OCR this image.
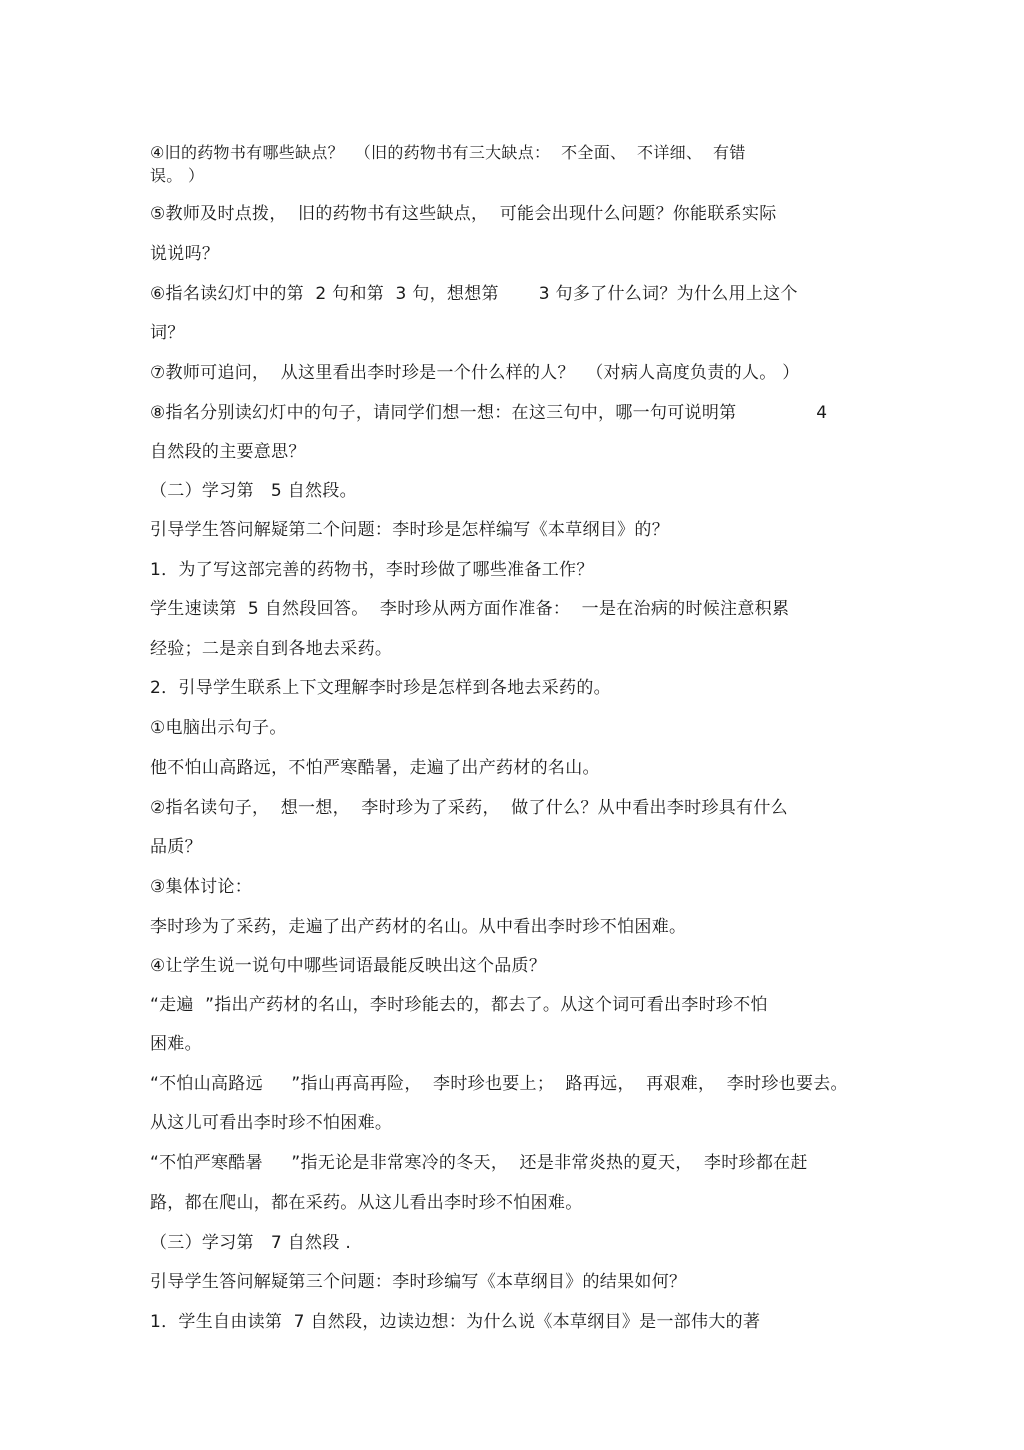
④旧的药物书有哪些缺点？  （旧的药物书有三大缺点：  不全面、  不详细、  有错
误。 ）
⑤教师及时点拨，  旧的药物书有这些缺点，  可能会出现什么问题？你能联系实际
说说吗？
⑥指名读幻灯中的第  2 句和第  3 句，想想第       3 句多了什么词？为什么用上这个
词？
⑦教师可追问，  从这里看出李时珍是一个什么样的人？  （对病人高度负责的人。 ）
⑧指名分别读幻灯中的句子，请同学们想一想：在这三句中，哪一句可说明第              4
自然段的主要意思？
（二）学习第   5 自然段。
引导学生答问解疑第二个问题：李时珍是怎样编写《本草纲目》的？
1．为了写这部完善的药物书，李时珍做了哪些准备工作？
学生速读第  5 自然段回答。  李时珍从两方面作准备：  一是在治病的时候注意积累
经验；二是亲自到各地去采药。
2．引导学生联系上下文理解李时珍是怎样到各地去采药的。
①电脑出示句子。
他不怕山高路远，不怕严寒酷暑，走遍了出产药材的名山。
②指名读句子，  想一想，  李时珍为了采药，  做了什么？从中看出李时珍具有什么
品质？
③集体讨论：
李时珍为了采药，走遍了出产药材的名山。从中看出李时珍不怕困难。
④让学生说一说句中哪些词语最能反映出这个品质？
“走遍  ”指出产药材的名山，李时珍能去的，都去了。从这个词可看出李时珍不怕
困难。
“不怕山高路远     ”指山再高再险，  李时珍也要上；  路再远，  再艰难，  李时珍也要去。
从这儿可看出李时珍不怕困难。
“不怕严寒酷暑     ”指无论是非常寒冷的冬天，  还是非常炎热的夏天，  李时珍都在赶
路，都在爬山，都在采药。从这儿看出李时珍不怕困难。
（三）学习第   7 自然段 .
引导学生答问解疑第三个问题：李时珍编写《本草纲目》的结果如何？
1．学生自由读第  7 自然段，边读边想：为什么说《本草纲目》是一部伟大的著
